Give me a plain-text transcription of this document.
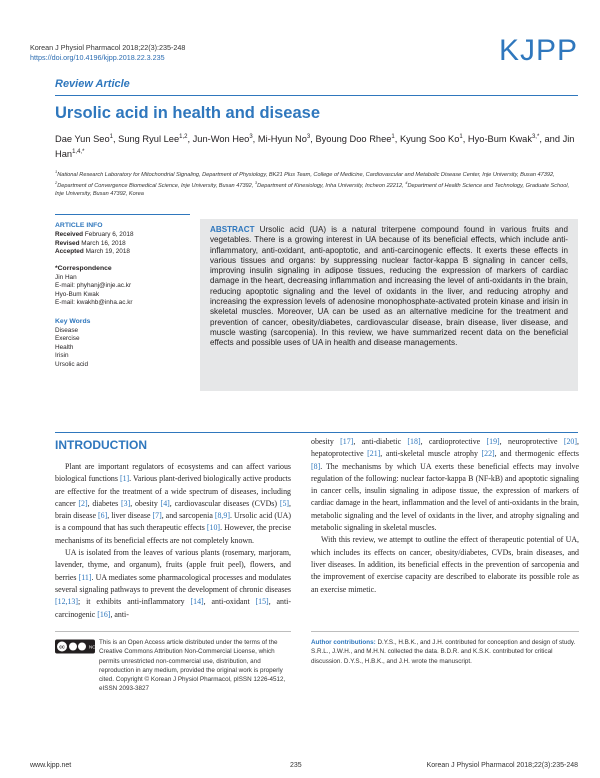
Korean J Physiol Pharmacol 2018;22(3):235-248
https://doi.org/10.4196/kjpp.2018.22.3.235	KJPP
Review Article
Ursolic acid in health and disease
Dae Yun Seo$^1$, Sung Ryul Lee$^{1,2}$, Jun-Won Heo$^3$, Mi-Hyun No$^3$, Byoung Doo Rhee$^1$, Kyung Soo Ko$^1$, Hyo-Bum Kwak$^{3,*}$, and Jin Han$^{1,4,*}$
$^1$National Research Laboratory for Mitochondrial Signaling, Department of Physiology, BK21 Plus Team, College of Medicine, Cardiovascular and Metabolic Disease Center, Inje University, Busan 47392, $^2$Department of Convergence Biomedical Science, Inje University, Busan 47392, $^3$Department of Kinesiology, Inha University, Incheon 22212, $^4$Department of Health Science and Technology, Graduate School, Inje University, Busan 47392, Korea
ARTICLE INFO
Received February 6, 2018
Revised March 16, 2018
Accepted March 19, 2018
*Correspondence
Jin Han
E-mail: phyhanj@inje.ac.kr
Hyo-Bum Kwak
E-mail: kwakhb@inha.ac.kr
Key Words
Disease
Exercise
Health
Irisin
Ursolic acid
ABSTRACT Ursolic acid (UA) is a natural triterpene compound found in various fruits and vegetables. There is a growing interest in UA because of its beneficial effects, which include anti-inflammatory, anti-oxidant, anti-apoptotic, and anti-carcinogenic effects. It exerts these effects in various tissues and organs: by suppressing nuclear factor-kappa B signaling in cancer cells, improving insulin signaling in adipose tissues, reducing the expression of markers of cardiac damage in the heart, decreasing inflammation and increasing the level of anti-oxidants in the brain, reducing apoptotic signaling and the level of oxidants in the liver, and reducing atrophy and increasing the expression levels of adenosine monophosphate-activated protein kinase and irisin in skeletal muscles. Moreover, UA can be used as an alternative medicine for the treatment and prevention of cancer, obesity/diabetes, cardiovascular disease, brain disease, liver disease, and muscle wasting (sarcopenia). In this review, we have summarized recent data on the beneficial effects and possible uses of UA in health and disease managements.
INTRODUCTION

Plant are important regulators of ecosystems and can affect various biological functions [1]. Various plant-derived biologically active products are effective for the treatment of a wide spectrum of diseases, including cancer [2], diabetes [3], obesity [4], cardiovascular diseases (CVDs) [5], brain disease [6], liver disease [7], and sarcopenia [8,9]. Ursolic acid (UA) is a compound that has such therapeutic effects [10]. However, the precise mechanisms of its beneficial effects are not completely known.

UA is isolated from the leaves of various plants (rosemary, marjoram, lavender, thyme, and organum), fruits (apple fruit peel), flowers, and berries [11]. UA mediates some pharmacological processes and modulates several signaling pathways to prevent the development of chronic diseases [12,13]; it exhibits anti-inflammatory [14], anti-oxidant [15], anti-carcinogenic [16], anti-

obesity [17], anti-diabetic [18], cardioprotective [19], neuroprotective [20], hepatoprotective [21], anti-skeletal muscle atrophy [22], and thermogenic effects [8]. The mechanisms by which UA exerts these beneficial effects may involve regulation of the following: nuclear factor-kappa B (NF-kB) and apoptotic signaling in cancer cells, insulin signaling in adipose tissue, the expression of markers of cardiac damage in the heart, inflammation and the level of anti-oxidants in the brain, metabolic signaling and the level of oxidants in the liver, and atrophy signaling and metabolic signaling in skeletal muscles.

With this review, we attempt to outline the effect of therapeutic potential of UA, which includes its effects on cancer, obesity/diabetes, CVDs, brain diseases, and liver diseases. In addition, its beneficial effects in the prevention of sarcopenia and the improvement of exercise capacity are described to elaborate its possible role as an exercise mimetic.

cc	NC
This is an Open Access article distributed under the terms of the Creative Commons Attribution Non-Commercial License, which permits unrestricted non-commercial use, distribution, and reproduction in any medium, provided the original work is properly cited. Copyright © Korean J Physiol Pharmacol, pISSN 1226-4512, eISSN 2093-3827
Author contributions: D.Y.S., H.B.K., and J.H. contributed for conception and design of study. S.R.L., J.W.H., and M.H.N. collected the data. B.D.R. and K.S.K. contributed for critical discussion. D.Y.S., H.B.K., and J.H. wrote the manuscript.
www.kjpp.net	235	Korean J Physiol Pharmacol 2018;22(3):235-248
